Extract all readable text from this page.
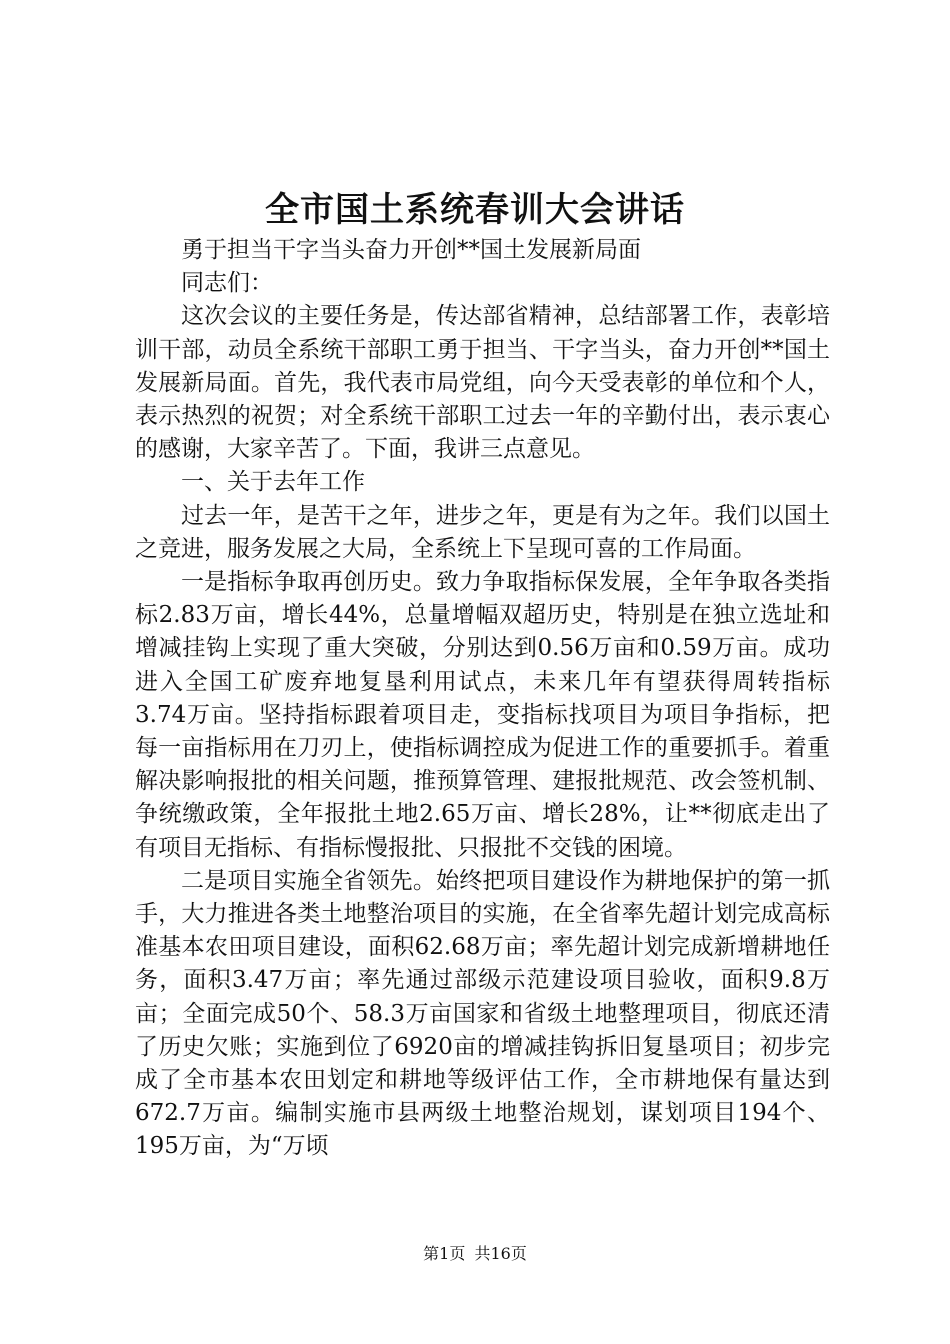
全市国土系统春训大会讲话

勇于担当干字当头奋力开创**国土发展新局面

同志们：

这次会议的主要任务是，传达部省精神，总结部署工作，表彰培训干部，动员全系统干部职工勇于担当、干字当头，奋力开创**国土发展新局面。首先，我代表市局党组，向今天受表彰的单位和个人，表示热烈的祝贺；对全系统干部职工过去一年的辛勤付出，表示衷心的感谢，大家辛苦了。下面，我讲三点意见。

一、关于去年工作

过去一年，是苦干之年，进步之年，更是有为之年。我们以国土之竞进，服务发展之大局，全系统上下呈现可喜的工作局面。

一是指标争取再创历史。致力争取指标保发展，全年争取各类指标2.83万亩，增长44%，总量增幅双超历史，特别是在独立选址和增减挂钩上实现了重大突破，分别达到0.56万亩和0.59万亩。成功进入全国工矿废弃地复垦利用试点，未来几年有望获得周转指标3.74万亩。坚持指标跟着项目走，变指标找项目为项目争指标，把每一亩指标用在刀刃上，使指标调控成为促进工作的重要抓手。着重解决影响报批的相关问题，推预算管理、建报批规范、改会签机制、争统缴政策，全年报批土地2.65万亩、增长28%，让**彻底走出了有项目无指标、有指标慢报批、只报批不交钱的困境。

二是项目实施全省领先。始终把项目建设作为耕地保护的第一抓手，大力推进各类土地整治项目的实施，在全省率先超计划完成高标准基本农田项目建设，面积62.68万亩；率先超计划完成新增耕地任务，面积3.47万亩；率先通过部级示范建设项目验收，面积9.8万亩；全面完成50个、58.3万亩国家和省级土地整理项目，彻底还清了历史欠账；实施到位了6920亩的增减挂钩拆旧复垦项目；初步完成了全市基本农田划定和耕地等级评估工作，全市耕地保有量达到672.7万亩。编制实施市县两级土地整治规划，谋划项目194个、195万亩，为“万顷

第1页 共16页
